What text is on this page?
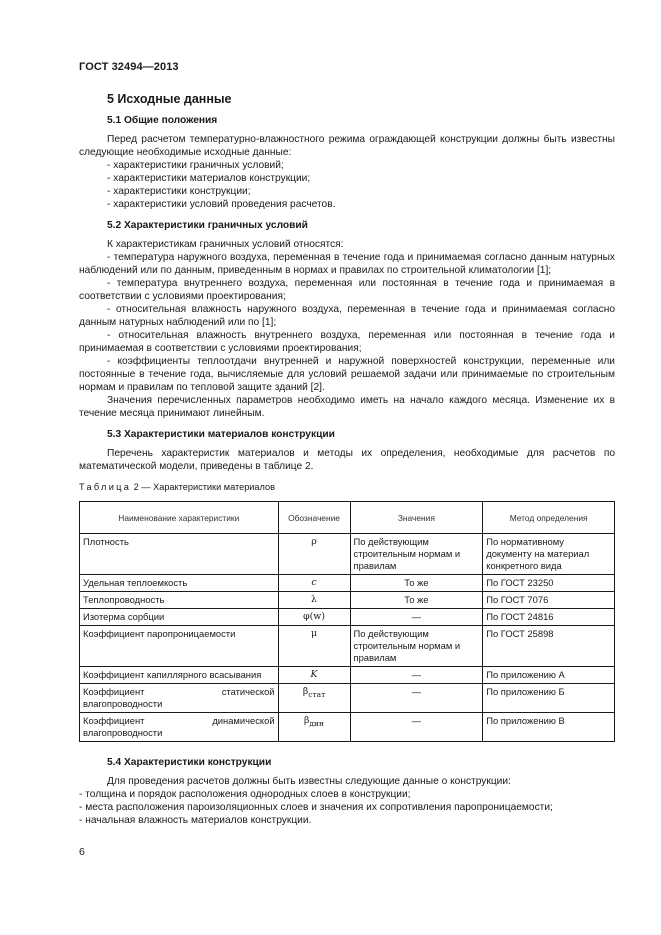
ГОСТ 32494—2013
5 Исходные данные
5.1 Общие положения

Перед расчетом температурно-влажностного режима ограждающей конструкции должны быть известны следующие необходимые исходные данные:

- характеристики граничных условий;

- характеристики материалов конструкции;

- характеристики конструкции;

- характеристики условий проведения расчетов.

5.2 Характеристики граничных условий

К характеристикам граничных условий относятся:

- температура наружного воздуха, переменная в течение года и принимаемая согласно данным натурных наблюдений или по данным, приведенным в нормах и правилах по строительной климатологии [1];

- температура внутреннего воздуха, переменная или постоянная в течение года и принимаемая в соответствии с условиями проектирования;

- относительная влажность наружного воздуха, переменная в течение года и принимаемая согласно данным натурных наблюдений или по [1];

- относительная влажность внутреннего воздуха, переменная или постоянная в течение года и принимаемая в соответствии с условиями проектирования;

- коэффициенты теплоотдачи внутренней и наружной поверхностей конструкции, переменные или постоянные в течение года, вычисляемые для условий решаемой задачи или принимаемые по строительным нормам и правилам по тепловой защите зданий [2].

Значения перечисленных параметров необходимо иметь на начало каждого месяца. Изменение их в течение месяца принимают линейным.

5.3 Характеристики материалов конструкции

Перечень характеристик материалов и методы их определения, необходимые для расчетов по математической модели, приведены в таблице 2.

Таблица 2 — Характеристики материалов
Наименование характеристики	Обозначение	Значения	Метод определения
Плотность	ρ	По действующим строительным нормам и правилам	По нормативному документу на материал конкретного вида
Удельная теплоемкость	c	То же	По ГОСТ 23250
Теплопроводность	λ	То же	По ГОСТ 7076
Изотерма сорбции	φ(w)	—	По ГОСТ 24816
Коэффициент паропроницаемости	μ	По действующим строительным нормам и правилам	По ГОСТ 25898
Коэффициент капиллярного всасывания	K	—	По приложению А
Коэффициент статической влагопроводности	$\beta_{стат}$	—	По приложению Б
Коэффициент динамической влагопроводности	$\beta_{дин}$	—	По приложению В
5.4 Характеристики конструкции

Для проведения расчетов должны быть известны следующие данные о конструкции:

- толщина и порядок расположения однородных слоев в конструкции;

- места расположения пароизоляционных слоев и значения их сопротивления паропроницаемости;

- начальная влажность материалов конструкции.

6
